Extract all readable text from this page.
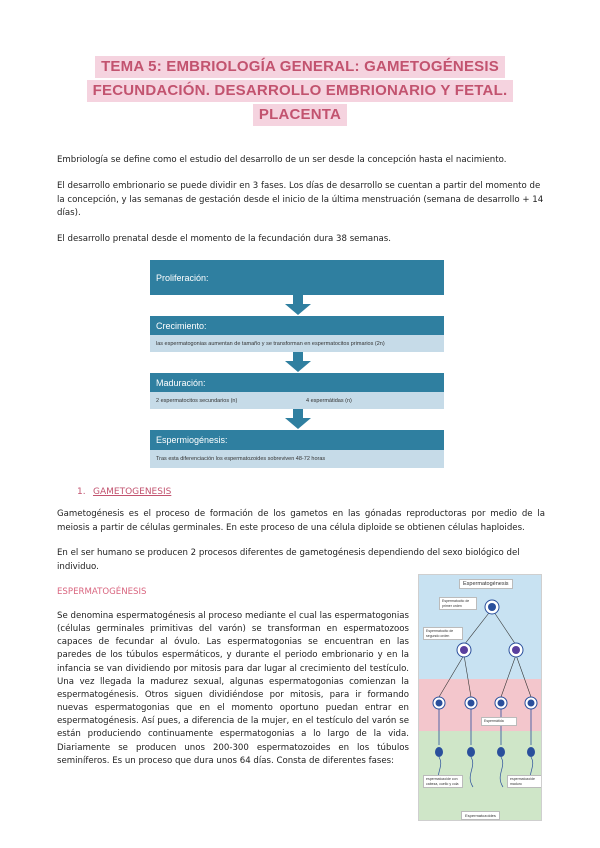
TEMA 5: EMBRIOLOGÍA GENERAL: GAMETOGÉNESIS
FECUNDACIÓN. DESARROLLO EMBRIONARIO Y FETAL.
PLACENTA
Embriología se define como el estudio del desarrollo de un ser desde la concepción hasta el nacimiento.
El desarrollo embrionario se puede dividir en 3 fases. Los días de desarrollo se cuentan a partir del momento de la concepción, y las semanas de gestación desde el inicio de la última menstruación (semana de desarrollo + 14 días).
El desarrollo prenatal desde el momento de la fecundación dura 38 semanas.
Proliferación:
Crecimiento:
las espermatogonias aumentan de tamaño y se transforman en espermatocitos primarios (2n)
Maduración:
2 espermatocitos secundarios (n)	4 espermátidas (n)
Espermiogénesis:
Tras esta diferenciación los espermatozoides sobreviven 48-72 horas
1. GAMETOGENESIS
Gametogénesis es el proceso de formación de los gametos en las gónadas reproductoras por medio de la meiosis a partir de células germinales. En este proceso de una célula diploide se obtienen células haploides.
En el ser humano se producen 2 procesos diferentes de gametogénesis dependiendo del sexo biológico del individuo.
ESPERMATOGÉNESIS
Se denomina espermatogénesis al proceso mediante el cual las espermatogonias (células germinales primitivas del varón) se transforman en espermatozoos capaces de fecundar al óvulo. Las espermatogonias se encuentran en las paredes de los túbulos espermáticos, y durante el periodo embrionario y en la infancia se van dividiendo por mitosis para dar lugar al crecimiento del testículo. Una vez llegada la madurez sexual, algunas espermatogonias comienzan la espermatogénesis. Otros siguen dividiéndose por mitosis, para ir formando nuevas espermatogonias que en el momento oportuno puedan entrar en espermatogénesis. Así pues, a diferencia de la mujer, en el testículo del varón se están produciendo continuamente espermatogonias a lo largo de la vida. Diariamente se producen unos 200-300 espermatozoides en los túbulos seminíferos. Es un proceso que dura unos 64 días. Consta de diferentes fases:
Espermatogénesis
Espermatocito de primer orden
Espermatocito de segundo orden
Espermátida
espermatozoide con cabeza, cuello y cola
espermatozoide maduro
Espermatozoides
